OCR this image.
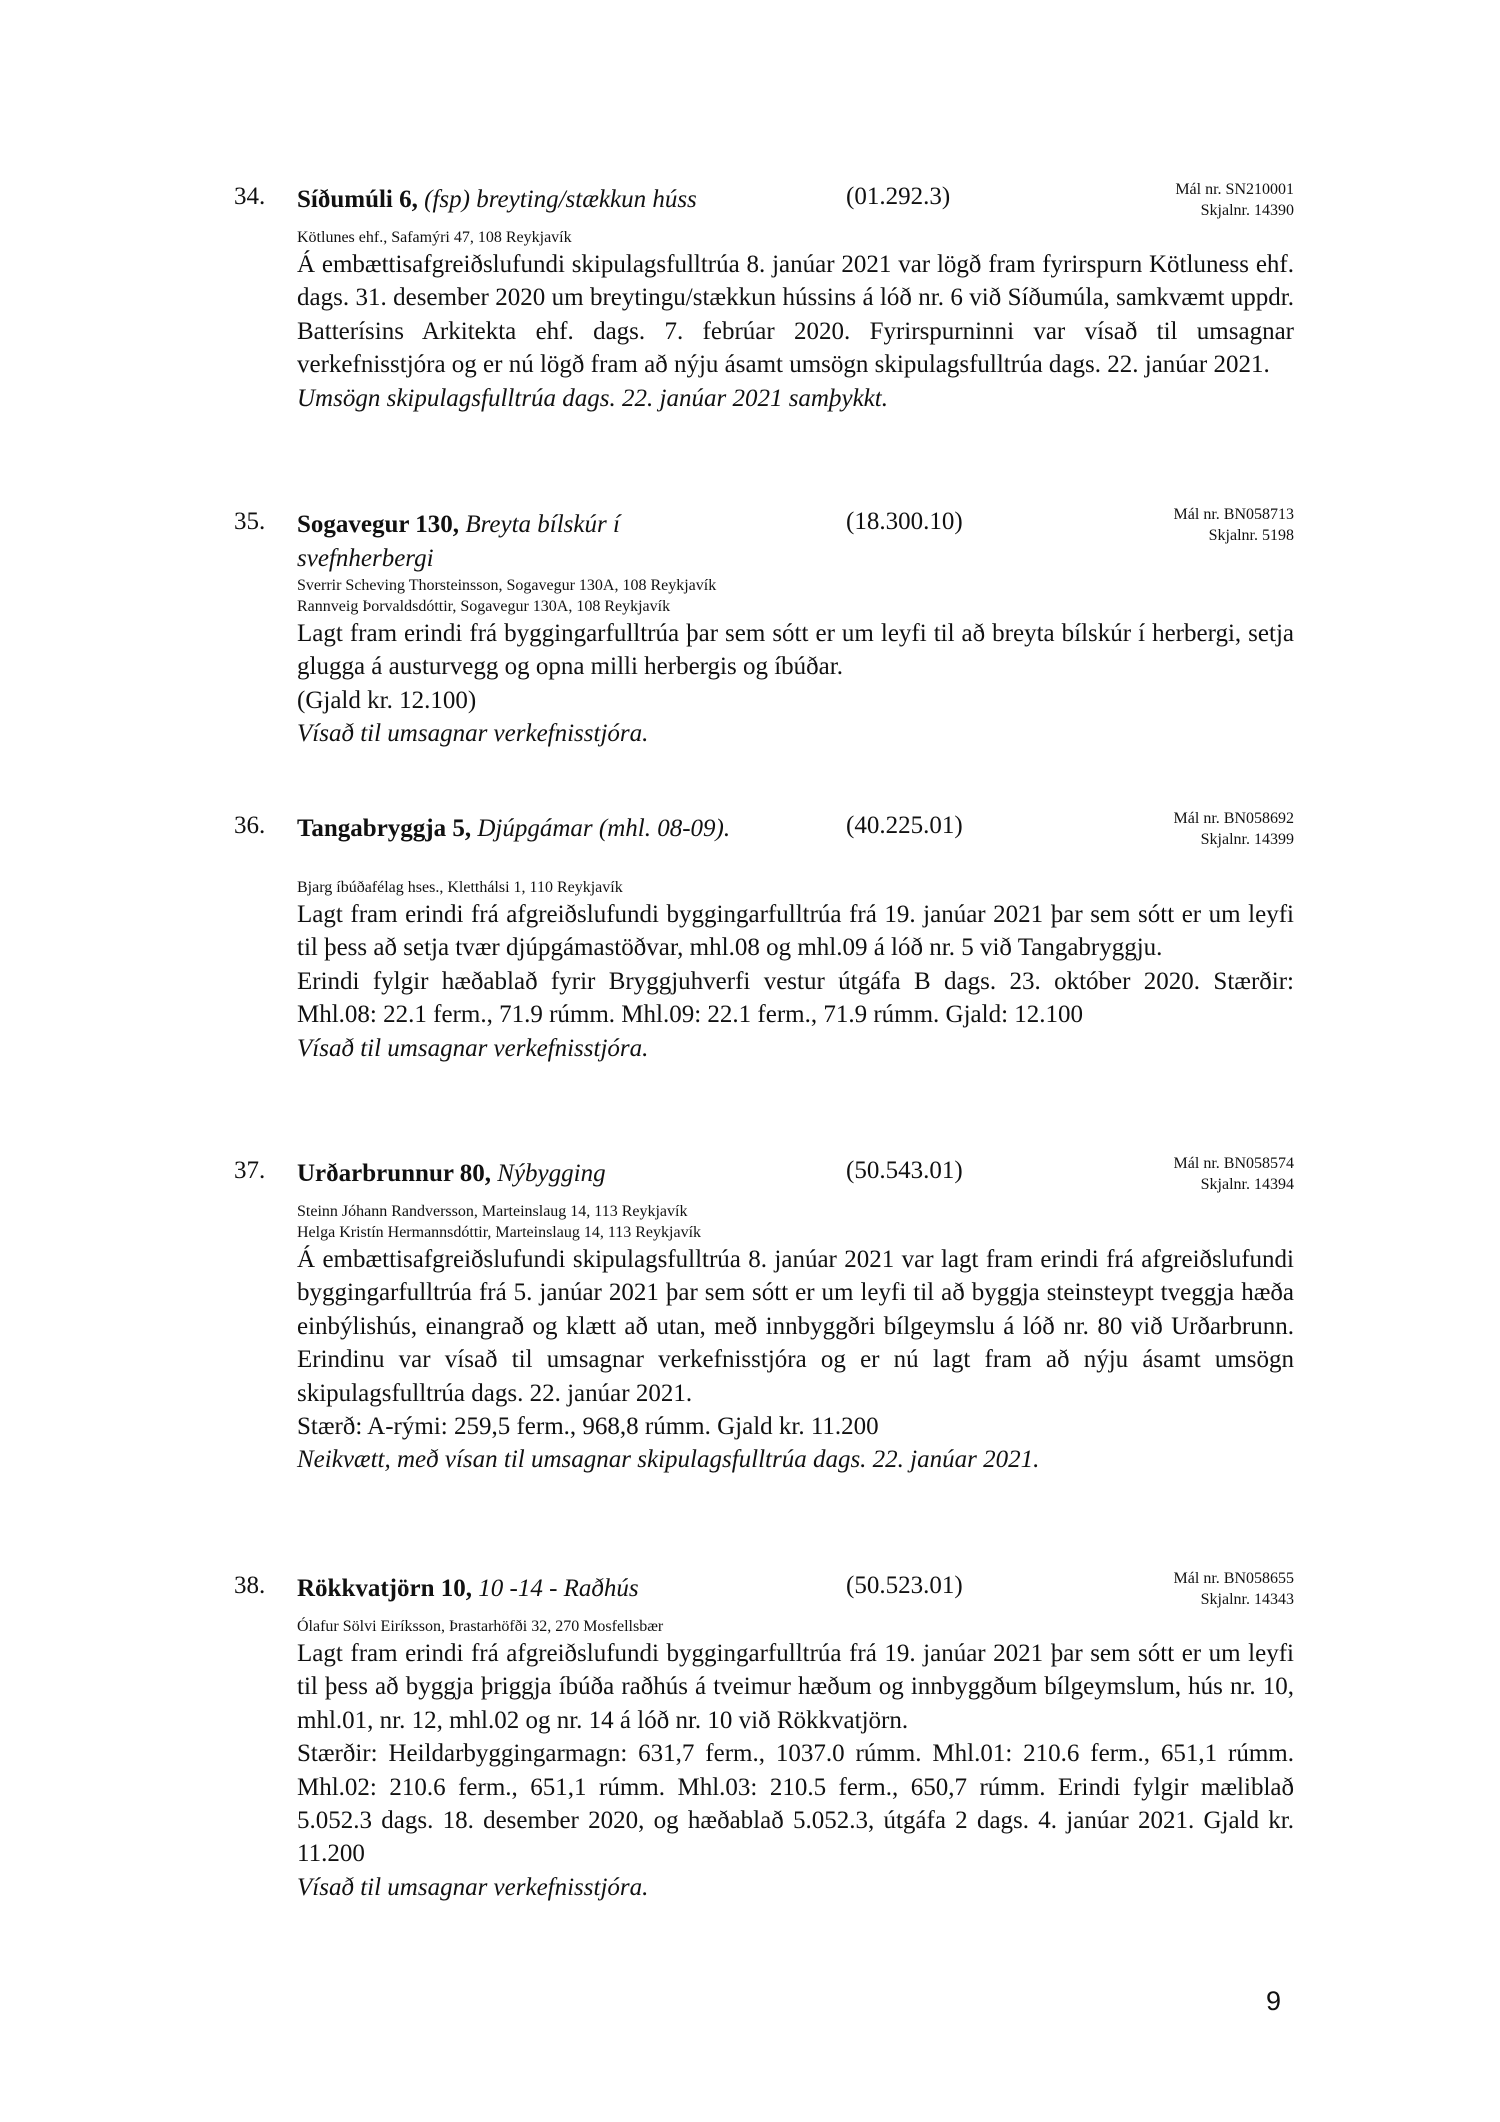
34. Síðumúli 6, (fsp) breyting/stækkun húss	(01.292.3)	Mál nr. SN210001
Skjalnr. 14390
Kötlunes ehf., Safamýri 47, 108 Reykjavík
Á embættisafgreiðslufundi skipulagsfulltrúa 8. janúar 2021 var lögð fram fyrirspurn Kötluness ehf. dags. 31. desember 2020 um breytingu/stækkun hússins á lóð nr. 6 við Síðumúla, samkvæmt uppdr. Batterísins Arkitekta ehf. dags. 7. febrúar 2020. Fyrirspurninni var vísað til umsagnar verkefnisstjóra og er nú lögð fram að nýju ásamt umsögn skipulagsfulltrúa dags. 22. janúar 2021.
Umsögn skipulagsfulltrúa dags. 22. janúar 2021 samþykkt.
35. Sogavegur 130, Breyta bílskúr í svefnherbergi
(18.300.10)	Mál nr. BN058713
Skjalnr. 5198
Sverrir Scheving Thorsteinsson, Sogavegur 130A, 108 Reykjavík
Rannveig Þorvaldsdóttir, Sogavegur 130A, 108 Reykjavík
Lagt fram erindi frá byggingarfulltrúa þar sem sótt er um leyfi til að breyta bílskúr í herbergi, setja glugga á austurvegg og opna milli herbergis og íbúðar.
(Gjald kr. 12.100)
Vísað til umsagnar verkefnisstjóra.
36. Tangabryggja 5, Djúpgámar (mhl. 08-09).	(40.225.01)	Mál nr. BN058692
Skjalnr. 14399
Bjarg íbúðafélag hses., Kletthálsi 1, 110 Reykjavík
Lagt fram erindi frá afgreiðslufundi byggingarfulltrúa frá 19. janúar 2021 þar sem sótt er um leyfi til þess að setja tvær djúpgámastöðvar, mhl.08 og mhl.09 á lóð nr. 5 við Tangabryggju.
Erindi fylgir hæðablað fyrir Bryggjuhverfi vestur útgáfa B dags. 23. október 2020. Stærðir: Mhl.08: 22.1 ferm., 71.9 rúmm. Mhl.09: 22.1 ferm., 71.9 rúmm. Gjald: 12.100
Vísað til umsagnar verkefnisstjóra.
37. Urðarbrunnur 80, Nýbygging	(50.543.01)	Mál nr. BN058574
Skjalnr. 14394
Steinn Jóhann Randversson, Marteinslaug 14, 113 Reykjavík
Helga Kristín Hermannsdóttir, Marteinslaug 14, 113 Reykjavík
Á embættisafgreiðslufundi skipulagsfulltrúa 8. janúar 2021 var lagt fram erindi frá afgreiðslufundi byggingarfulltrúa frá 5. janúar 2021 þar sem sótt er um leyfi til að byggja steinsteypt tveggja hæða einbýlishús, einangrað og klætt að utan, með innbyggðri bílgeymslu á lóð nr. 80 við Urðarbrunn. Erindinu var vísað til umsagnar verkefnisstjóra og er nú lagt fram að nýju ásamt umsögn skipulagsfulltrúa dags. 22. janúar 2021.
Stærð: A-rými: 259,5 ferm., 968,8 rúmm. Gjald kr. 11.200
Neikvætt, með vísan til umsagnar skipulagsfulltrúa dags. 22. janúar 2021.
38. Rökkvatjörn 10, 10 -14 - Raðhús	(50.523.01)	Mál nr. BN058655
Skjalnr. 14343
Ólafur Sölvi Eiríksson, Þrastarhöfði 32, 270 Mosfellsbær
Lagt fram erindi frá afgreiðslufundi byggingarfulltrúa frá 19. janúar 2021 þar sem sótt er um leyfi til þess að byggja þriggja íbúða raðhús á tveimur hæðum og innbyggðum bílgeymslum, hús nr. 10, mhl.01, nr. 12, mhl.02 og nr. 14 á lóð nr. 10 við Rökkvatjörn.
Stærðir: Heildarbyggingarmagn: 631,7 ferm., 1037.0 rúmm. Mhl.01: 210.6 ferm., 651,1 rúmm. Mhl.02: 210.6 ferm., 651,1 rúmm. Mhl.03: 210.5 ferm., 650,7 rúmm. Erindi fylgir mæliblað 5.052.3 dags. 18. desember 2020, og hæðablað 5.052.3, útgáfa 2 dags. 4. janúar 2021. Gjald kr. 11.200
Vísað til umsagnar verkefnisstjóra.
9
